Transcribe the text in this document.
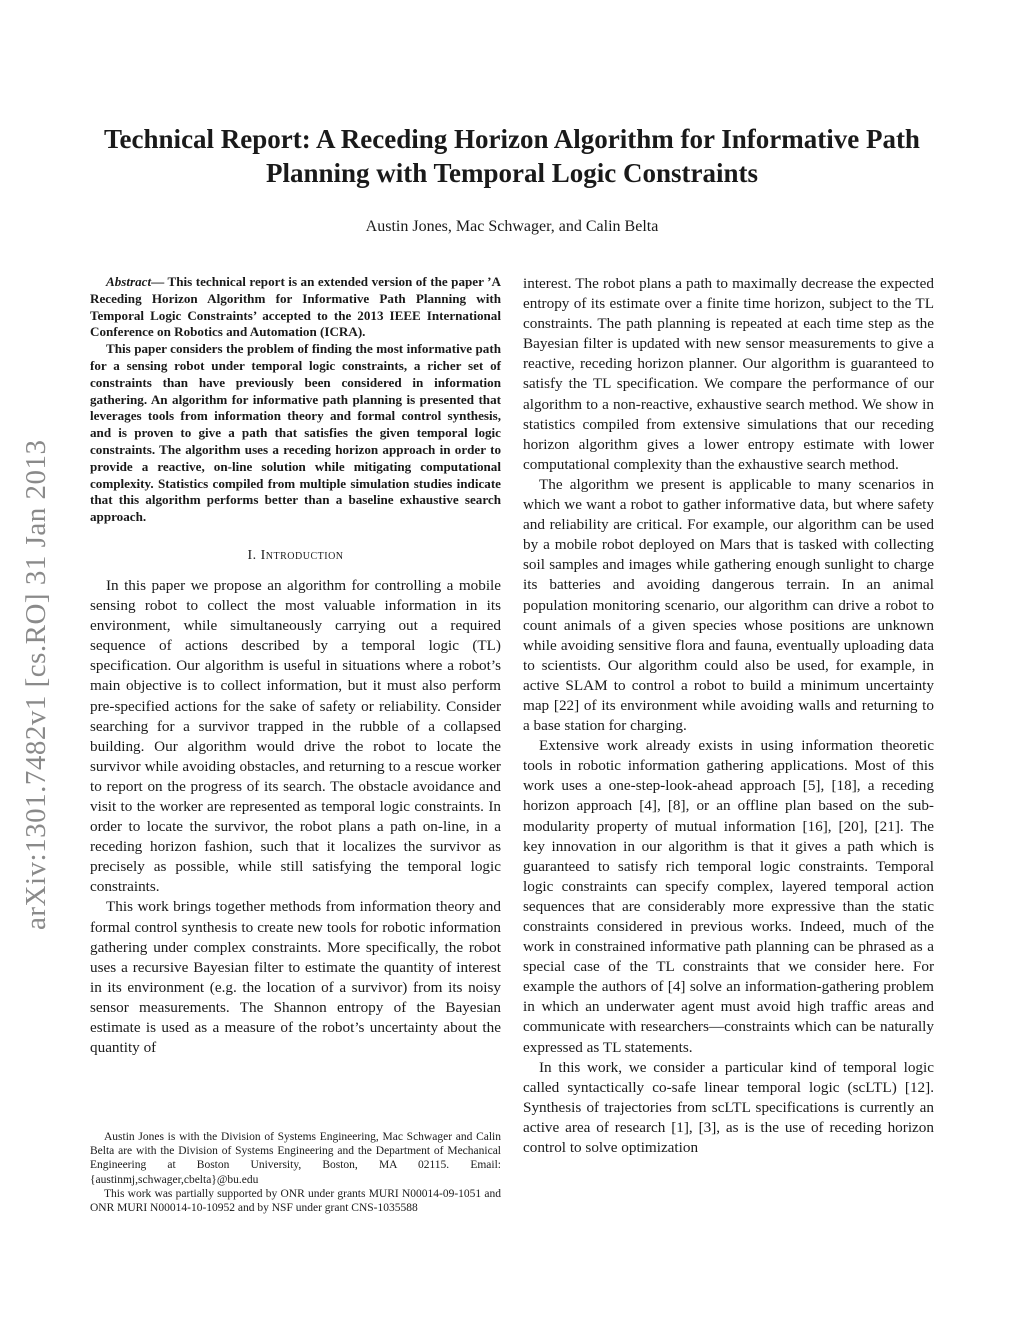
Technical Report: A Receding Horizon Algorithm for Informative Path Planning with Temporal Logic Constraints
Austin Jones, Mac Schwager, and Calin Belta
arXiv:1301.7482v1 [cs.RO] 31 Jan 2013

Abstract— This technical report is an extended version of the paper ’A Receding Horizon Algorithm for Informative Path Planning with Temporal Logic Constraints’ accepted to the 2013 IEEE International Conference on Robotics and Automation (ICRA).

This paper considers the problem of finding the most informative path for a sensing robot under temporal logic constraints, a richer set of constraints than have previously been considered in information gathering. An algorithm for informative path planning is presented that leverages tools from information theory and formal control synthesis, and is proven to give a path that satisfies the given temporal logic constraints. The algorithm uses a receding horizon approach in order to provide a reactive, on-line solution while mitigating computational complexity. Statistics compiled from multiple simulation studies indicate that this algorithm performs better than a baseline exhaustive search approach.

I. Introduction

In this paper we propose an algorithm for controlling a mobile sensing robot to collect the most valuable information in its environment, while simultaneously carrying out a required sequence of actions described by a temporal logic (TL) specification. Our algorithm is useful in situations where a robot’s main objective is to collect information, but it must also perform pre-specified actions for the sake of safety or reliability. Consider searching for a survivor trapped in the rubble of a collapsed building. Our algorithm would drive the robot to locate the survivor while avoiding obstacles, and returning to a rescue worker to report on the progress of its search. The obstacle avoidance and visit to the worker are represented as temporal logic constraints. In order to locate the survivor, the robot plans a path on-line, in a receding horizon fashion, such that it localizes the survivor as precisely as possible, while still satisfying the temporal logic constraints.

This work brings together methods from information theory and formal control synthesis to create new tools for robotic information gathering under complex constraints. More specifically, the robot uses a recursive Bayesian filter to estimate the quantity of interest in its environment (e.g. the location of a survivor) from its noisy sensor measurements. The Shannon entropy of the Bayesian estimate is used as a measure of the robot’s uncertainty about the quantity of

Austin Jones is with the Division of Systems Engineering, Mac Schwager and Calin Belta are with the Division of Systems Engineering and the Department of Mechanical Engineering at Boston University, Boston, MA 02115. Email: {austinmj,schwager,cbelta}@bu.edu

This work was partially supported by ONR under grants MURI N00014-09-1051 and ONR MURI N00014-10-10952 and by NSF under grant CNS-1035588

interest. The robot plans a path to maximally decrease the expected entropy of its estimate over a finite time horizon, subject to the TL constraints. The path planning is repeated at each time step as the Bayesian filter is updated with new sensor measurements to give a reactive, receding horizon planner. Our algorithm is guaranteed to satisfy the TL specification. We compare the performance of our algorithm to a non-reactive, exhaustive search method. We show in statistics compiled from extensive simulations that our receding horizon algorithm gives a lower entropy estimate with lower computational complexity than the exhaustive search method.

The algorithm we present is applicable to many scenarios in which we want a robot to gather informative data, but where safety and reliability are critical. For example, our algorithm can be used by a mobile robot deployed on Mars that is tasked with collecting soil samples and images while gathering enough sunlight to charge its batteries and avoiding dangerous terrain. In an animal population monitoring scenario, our algorithm can drive a robot to count animals of a given species whose positions are unknown while avoiding sensitive flora and fauna, eventually uploading data to scientists. Our algorithm could also be used, for example, in active SLAM to control a robot to build a minimum uncertainty map [22] of its environment while avoiding walls and returning to a base station for charging.

Extensive work already exists in using information theoretic tools in robotic information gathering applications. Most of this work uses a one-step-look-ahead approach [5], [18], a receding horizon approach [4], [8], or an offline plan based on the sub-modularity property of mutual information [16], [20], [21]. The key innovation in our algorithm is that it gives a path which is guaranteed to satisfy rich temporal logic constraints. Temporal logic constraints can specify complex, layered temporal action sequences that are considerably more expressive than the static constraints considered in previous works. Indeed, much of the work in constrained informative path planning can be phrased as a special case of the TL constraints that we consider here. For example the authors of [4] solve an information-gathering problem in which an underwater agent must avoid high traffic areas and communicate with researchers—constraints which can be naturally expressed as TL statements.

In this work, we consider a particular kind of temporal logic called syntactically co-safe linear temporal logic (scLTL) [12]. Synthesis of trajectories from scLTL specifications is currently an active area of research [1], [3], as is the use of receding horizon control to solve optimization
